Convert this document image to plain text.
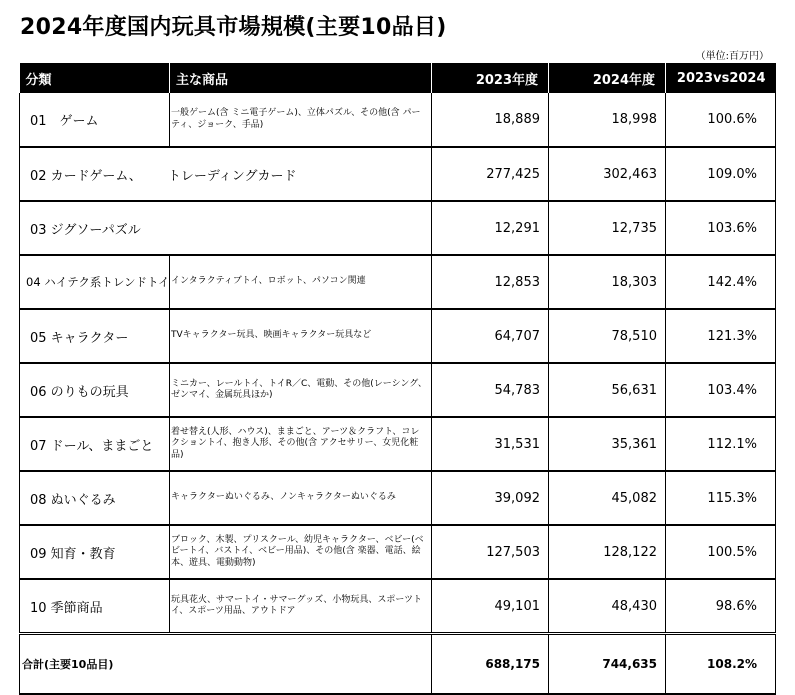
2024年度国内玩具市場規模(主要10品目)
（単位:百万円）
分類	主な商品	2023年度	2024年度	2023vs2024
01　ゲーム	一般ゲーム(含 ミニ電子ゲーム)、立体パズル、その他(含 パーティ、ジョーク、手品)	18,889	18,998	100.6%
02 カードゲーム、 トレーディングカード		277,425	302,463	109.0%
03 ジグソーパズル		12,291	12,735	103.6%
04 ハイテク系トレンドトイ	インタラクティブトイ、ロボット、パソコン関連	12,853	18,303	142.4%
05 キャラクター	TVキャラクター玩具、映画キャラクター玩具など	64,707	78,510	121.3%
06 のりもの玩具	ミニカー、レールトイ、トイR／C、電動、その他(レーシング、ゼンマイ、金属玩具ほか)	54,783	56,631	103.4%
07 ドール、ままごと	着せ替え(人形、ハウス)、ままごと、アーツ＆クラフト、コレクショントイ、抱き人形、その他(含 アクセサリー、女児化粧品)	31,531	35,361	112.1%
08 ぬいぐるみ	キャラクターぬいぐるみ、ノンキャラクターぬいぐるみ	39,092	45,082	115.3%
09 知育・教育	ブロック、木製、プリスクール、幼児キャラクター、ベビー(ベビートイ、バストイ、ベビー用品)、その他(含 楽器、電話、絵本、遊具、電動動物)	127,503	128,122	100.5%
10 季節商品	玩具花火、サマートイ・サマーグッズ、小物玩具、スポーツトイ、スポーツ用品、アウトドア	49,101	48,430	98.6%
合計(主要10品目)		688,175	744,635	108.2%
